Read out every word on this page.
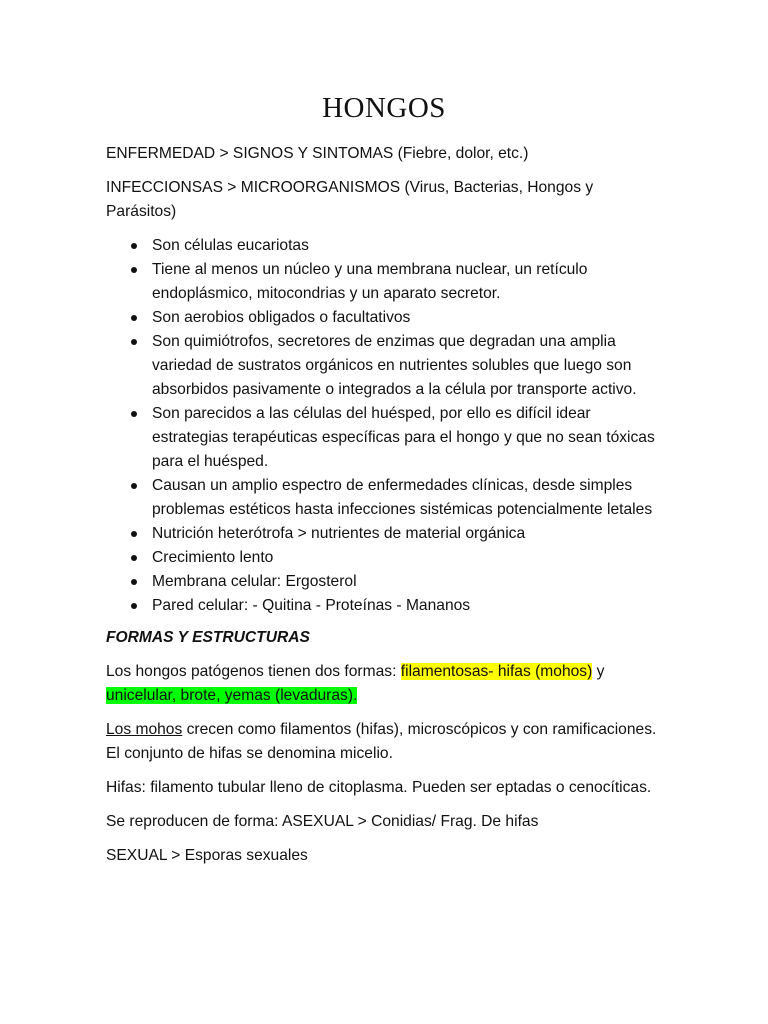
HONGOS

ENFERMEDAD > SIGNOS Y SINTOMAS (Fiebre, dolor, etc.)

INFECCIONSAS > MICROORGANISMOS (Virus, Bacterias, Hongos y Parásitos)

Son células eucariotas
Tiene al menos un núcleo y una membrana nuclear, un retículo endoplásmico, mitocondrias y un aparato secretor.
Son aerobios obligados o facultativos
Son quimiótrofos, secretores de enzimas que degradan una amplia variedad de sustratos orgánicos en nutrientes solubles que luego son absorbidos pasivamente o integrados a la célula por transporte activo.
Son parecidos a las células del huésped, por ello es difícil idear estrategias terapéuticas específicas para el hongo y que no sean tóxicas para el huésped.
Causan un amplio espectro de enfermedades clínicas, desde simples problemas estéticos hasta infecciones sistémicas potencialmente letales
Nutrición heterótrofa > nutrientes de material orgánica
Crecimiento lento
Membrana celular: Ergosterol
Pared celular: - Quitina - Proteínas - Mananos

FORMAS Y ESTRUCTURAS

Los hongos patógenos tienen dos formas: filamentosas- hifas (mohos) y unicelular, brote, yemas (levaduras).

Los mohos crecen como filamentos (hifas), microscópicos y con ramificaciones. El conjunto de hifas se denomina micelio.

Hifas: filamento tubular lleno de citoplasma. Pueden ser eptadas o cenocíticas.

Se reproducen de forma: ASEXUAL > Conidias/ Frag. De hifas

SEXUAL > Esporas sexuales
